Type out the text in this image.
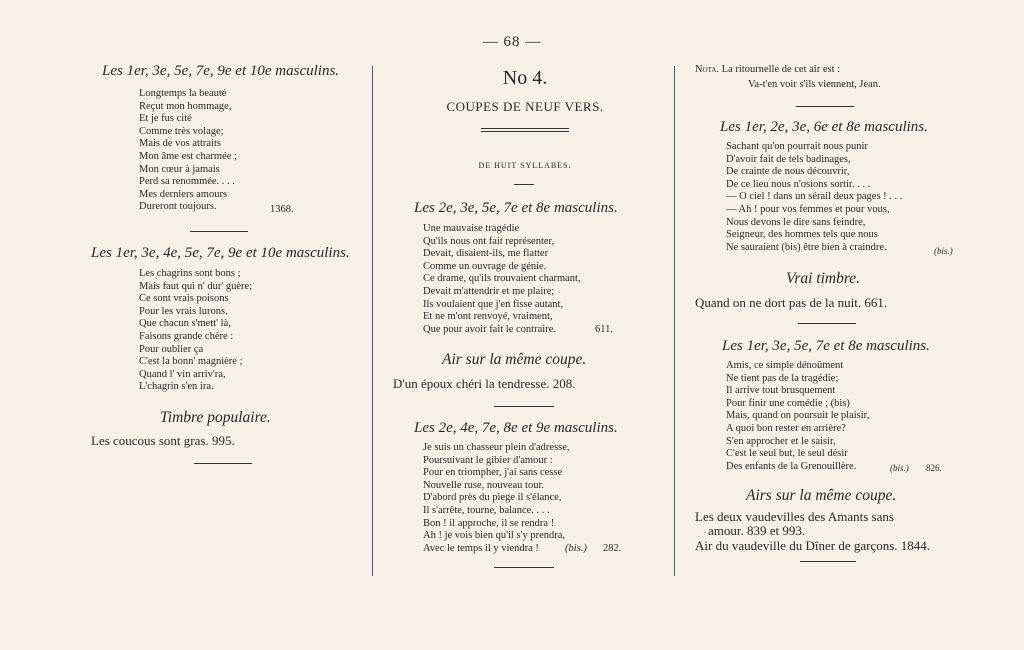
— 68 —
Les 1er, 3e, 5e, 7e, 9e et 10e masculins.
Longtemps la beauté
Reçut mon hommage,
Et je fus cité
Comme très volage;
Mais de vos attraits
Mon âme est charmée ;
Mon cœur à jamais
Perd sa renommée. . . .
Mes derniers amours
Dureront toujours.	1368.
Les 1er, 3e, 4e, 5e, 7e, 9e et 10e masculins.
Les chagrins sont bons ;
Mais faut qui n' dur' guère;
Ce sont vrais poisons
Pour les vrais lurons.
Que chacun s'mett' là,
Faisons grande chère :
Pour oublier ça
C'est la bonn' magnière ;
Quand l' vin arriv'ra,
L'chagrin s'en ira.
Timbre populaire.
Les coucous sont gras. 995.
No 4.
COUPES DE NEUF VERS.
DE HUIT SYLLABES.
Les 2e, 3e, 5e, 7e et 8e masculins.
Une mauvaise tragédie
Qu'ils nous ont fait représenter,
Devait, disaient-ils, me flatter
Comme un ouvrage de génie.
Ce drame, qu'ils trouvaient charmant,
Devait m'attendrir et me plaire;
Ils voulaient que j'en fisse autant,
Et ne m'ont renvoyé, vraiment,
Que pour avoir fait le contraire.	611.
Air sur la même coupe.
D'un époux chéri la tendresse. 208.
Les 2e, 4e, 7e, 8e et 9e masculins.
Je suis un chasseur plein d'adresse,
Poursuivant le gibier d'amour :
Pour en triompher, j'ai sans cesse
Nouvelle ruse, nouveau tour.
D'abord près du piege il s'élance,
Il s'arrête, tourne, balance. . . .
Bon ! il approche, il se rendra !
Ah ! je vois bien qu'il s'y prendra,
Avec le temps il y viendra !	(bis.) 282.
Nota. La ritournelle de cet air est :
Va-t'en voir s'ils viennent, Jean.
Les 1er, 2e, 3e, 6e et 8e masculins.
Sachant qu'on pourrait nous punir
D'avoir fait de tels badinages,
De crainte de nous découvrir,
De ce lieu nous n'osions sortir. . . .
— O ciel ! dans un sérail deux pages ! . . .
— Ah ! pour vos femmes et pour vous,
Nous devons le dire sans feindre,
Seigneur, des hommes tels que nous
Ne sauraient (bis) être bien à craindre.	(bis.)
Vrai timbre.
Quand on ne dort pas de la nuit. 661.
Les 1er, 3e, 5e, 7e et 8e masculins.
Amis, ce simple dénoûment
Ne tient pas de la tragédie;
Il arrive tout brusquement
Pour finir une comédie ; (bis)
Mais, quand on poursuit le plaisir,
A quoi bon rester en arrière?
S'en approcher et le saisir,
C'est le seul but, le seul désir
Des enfants de la Grenouillère.	(bis.) 826.
Airs sur la même coupe.
Les deux vaudevilles des Amants sans
amour. 839 et 993.
Air du vaudeville du Dîner de garçons. 1844.
